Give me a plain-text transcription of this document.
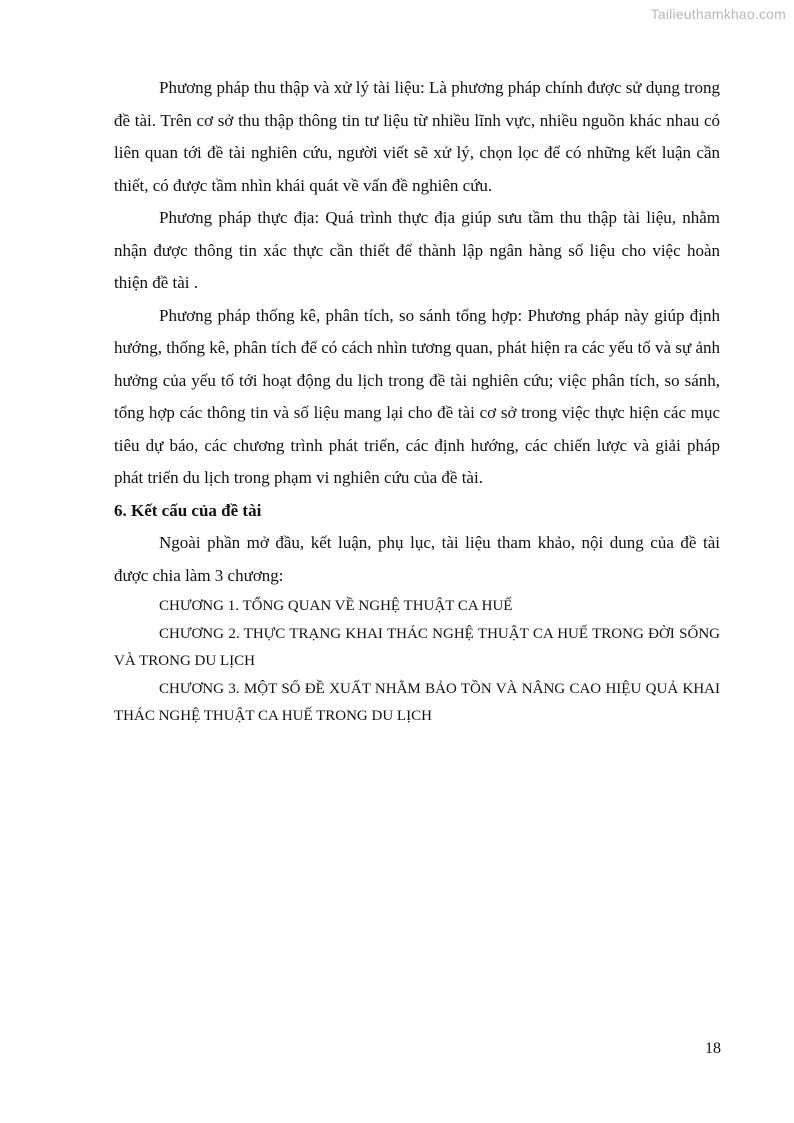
Tailieuthamkhao.com

Phương pháp thu thập và xử lý tài liệu: Là phương pháp chính được sử dụng trong đề tài. Trên cơ sở thu thập thông tin tư liệu từ nhiều lĩnh vực, nhiều nguồn khác nhau có liên quan tới đề tài nghiên cứu, người viết sẽ xử lý, chọn lọc để có những kết luận cần thiết, có được tầm nhìn khái quát về vấn đề nghiên cứu.

Phương pháp thực địa: Quá trình thực địa giúp sưu tầm thu thập tài liệu, nhằm nhận được thông tin xác thực cần thiết để thành lập ngân hàng số liệu cho việc hoàn thiện đề tài .

Phương pháp thống kê, phân tích, so sánh tổng hợp: Phương pháp này giúp định hướng, thống kê, phân tích để có cách nhìn tương quan, phát hiện ra các yếu tố và sự ảnh hưởng của yếu tố tới hoạt động du lịch trong đề tài nghiên cứu; việc phân tích, so sánh, tổng hợp các thông tin và số liệu mang lại cho đề tài cơ sở trong việc thực hiện các mục tiêu dự báo, các chương trình phát triển, các định hướng, các chiến lược và giải pháp phát triển du lịch trong phạm vi nghiên cứu của đề tài.

6. Kết cấu của đề tài

Ngoài phần mở đầu, kết luận, phụ lục, tài liệu tham khảo, nội dung của đề tài được chia làm 3 chương:

CHƯƠNG 1. TỔNG QUAN VỀ NGHỆ THUẬT CA HUẾ

CHƯƠNG 2. THỰC TRẠNG KHAI THÁC NGHỆ THUẬT CA HUẾ TRONG ĐỜI SỐNG VÀ TRONG DU LỊCH

CHƯƠNG 3. MỘT SỐ ĐỀ XUẤT NHẰM BẢO TỒN VÀ NÂNG CAO HIỆU QUẢ KHAI THÁC NGHỆ THUẬT CA HUẾ TRONG DU LỊCH

18
